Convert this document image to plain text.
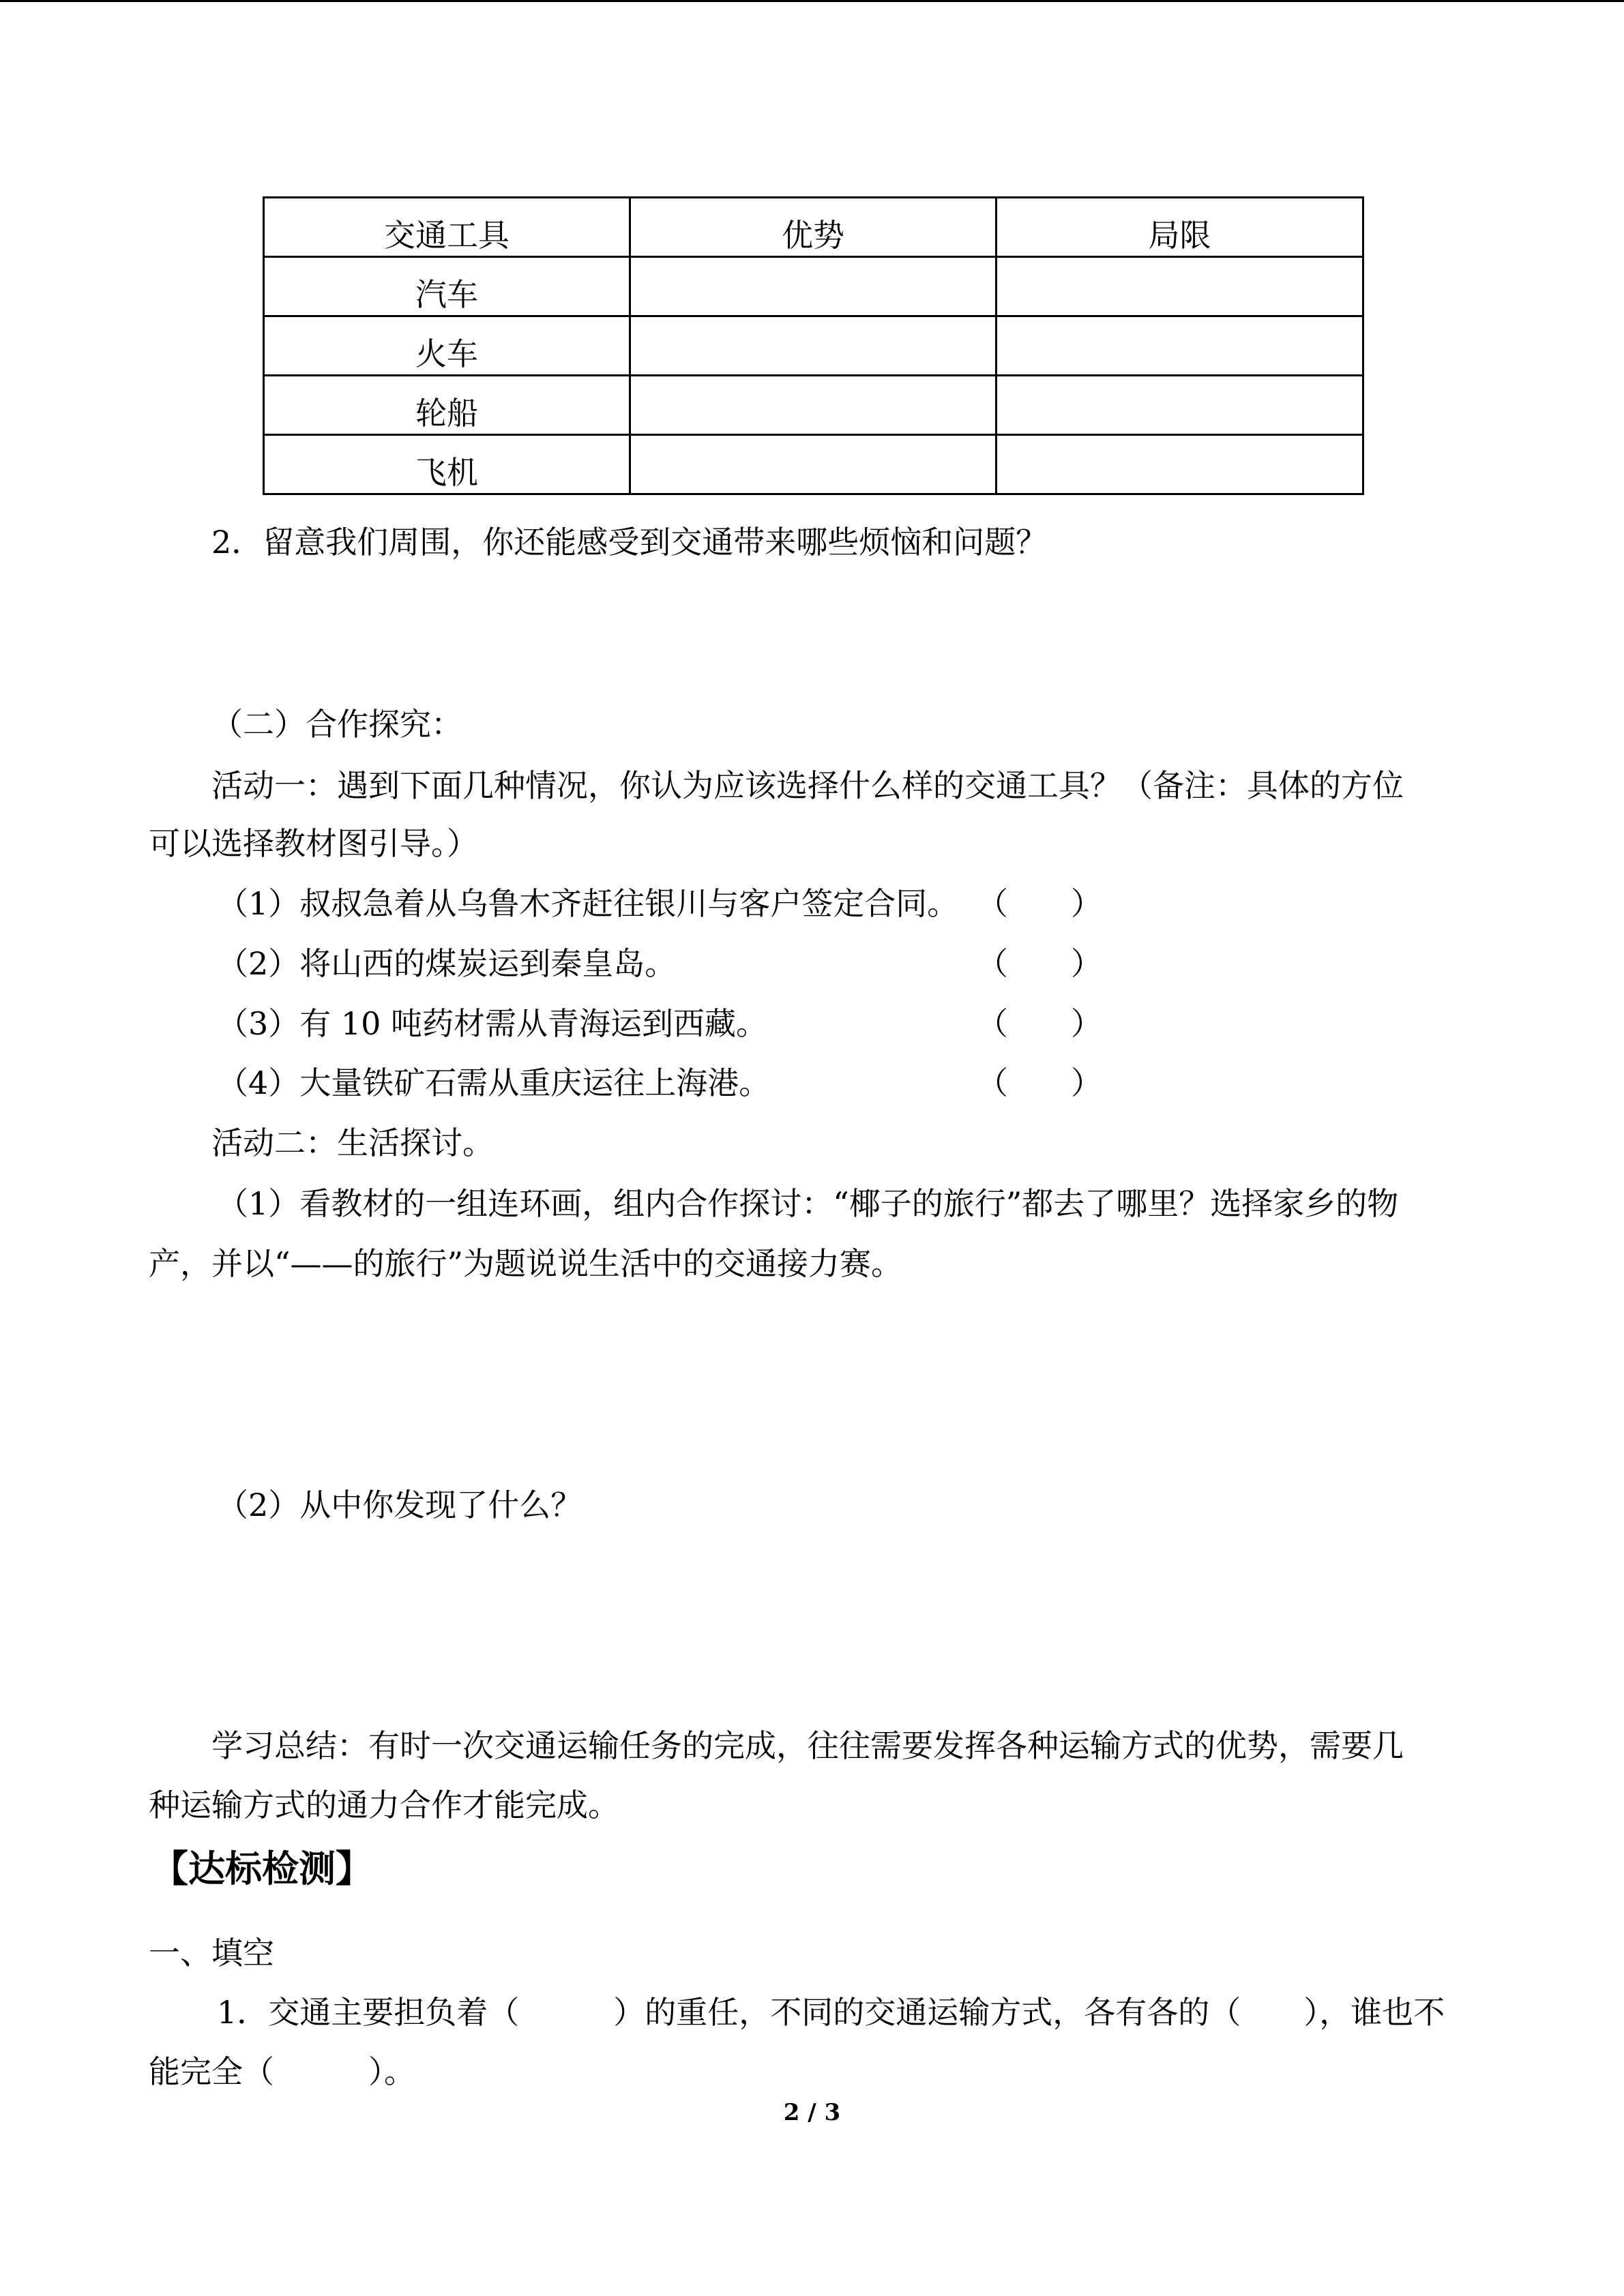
交通工具	优势	局限
汽车		
火车		
轮船		
飞机		
2．留意我们周围，你还能感受到交通带来哪些烦恼和问题？
（二）合作探究：
活动一：遇到下面几种情况，你认为应该选择什么样的交通工具？（备注：具体的方位
可以选择教材图引导。）
（1）叔叔急着从乌鲁木齐赶往银川与客户签定合同。 （　　）
（2）将山西的煤炭运到秦皇岛。	（　　）
（3）有 10 吨药材需从青海运到西藏。	（　　）
（4）大量铁矿石需从重庆运往上海港。	（　　）
活动二：生活探讨。
（1）看教材的一组连环画，组内合作探讨：“椰子的旅行”都去了哪里？选择家乡的物
产，并以“——的旅行”为题说说生活中的交通接力赛。
（2）从中你发现了什么？
学习总结：有时一次交通运输任务的完成，往往需要发挥各种运输方式的优势，需要几
种运输方式的通力合作才能完成。
【达标检测】
一、填空
1．交通主要担负着（　　　）的重任，不同的交通运输方式，各有各的（　　），谁也不
能完全（　　　）。
2 / 3
